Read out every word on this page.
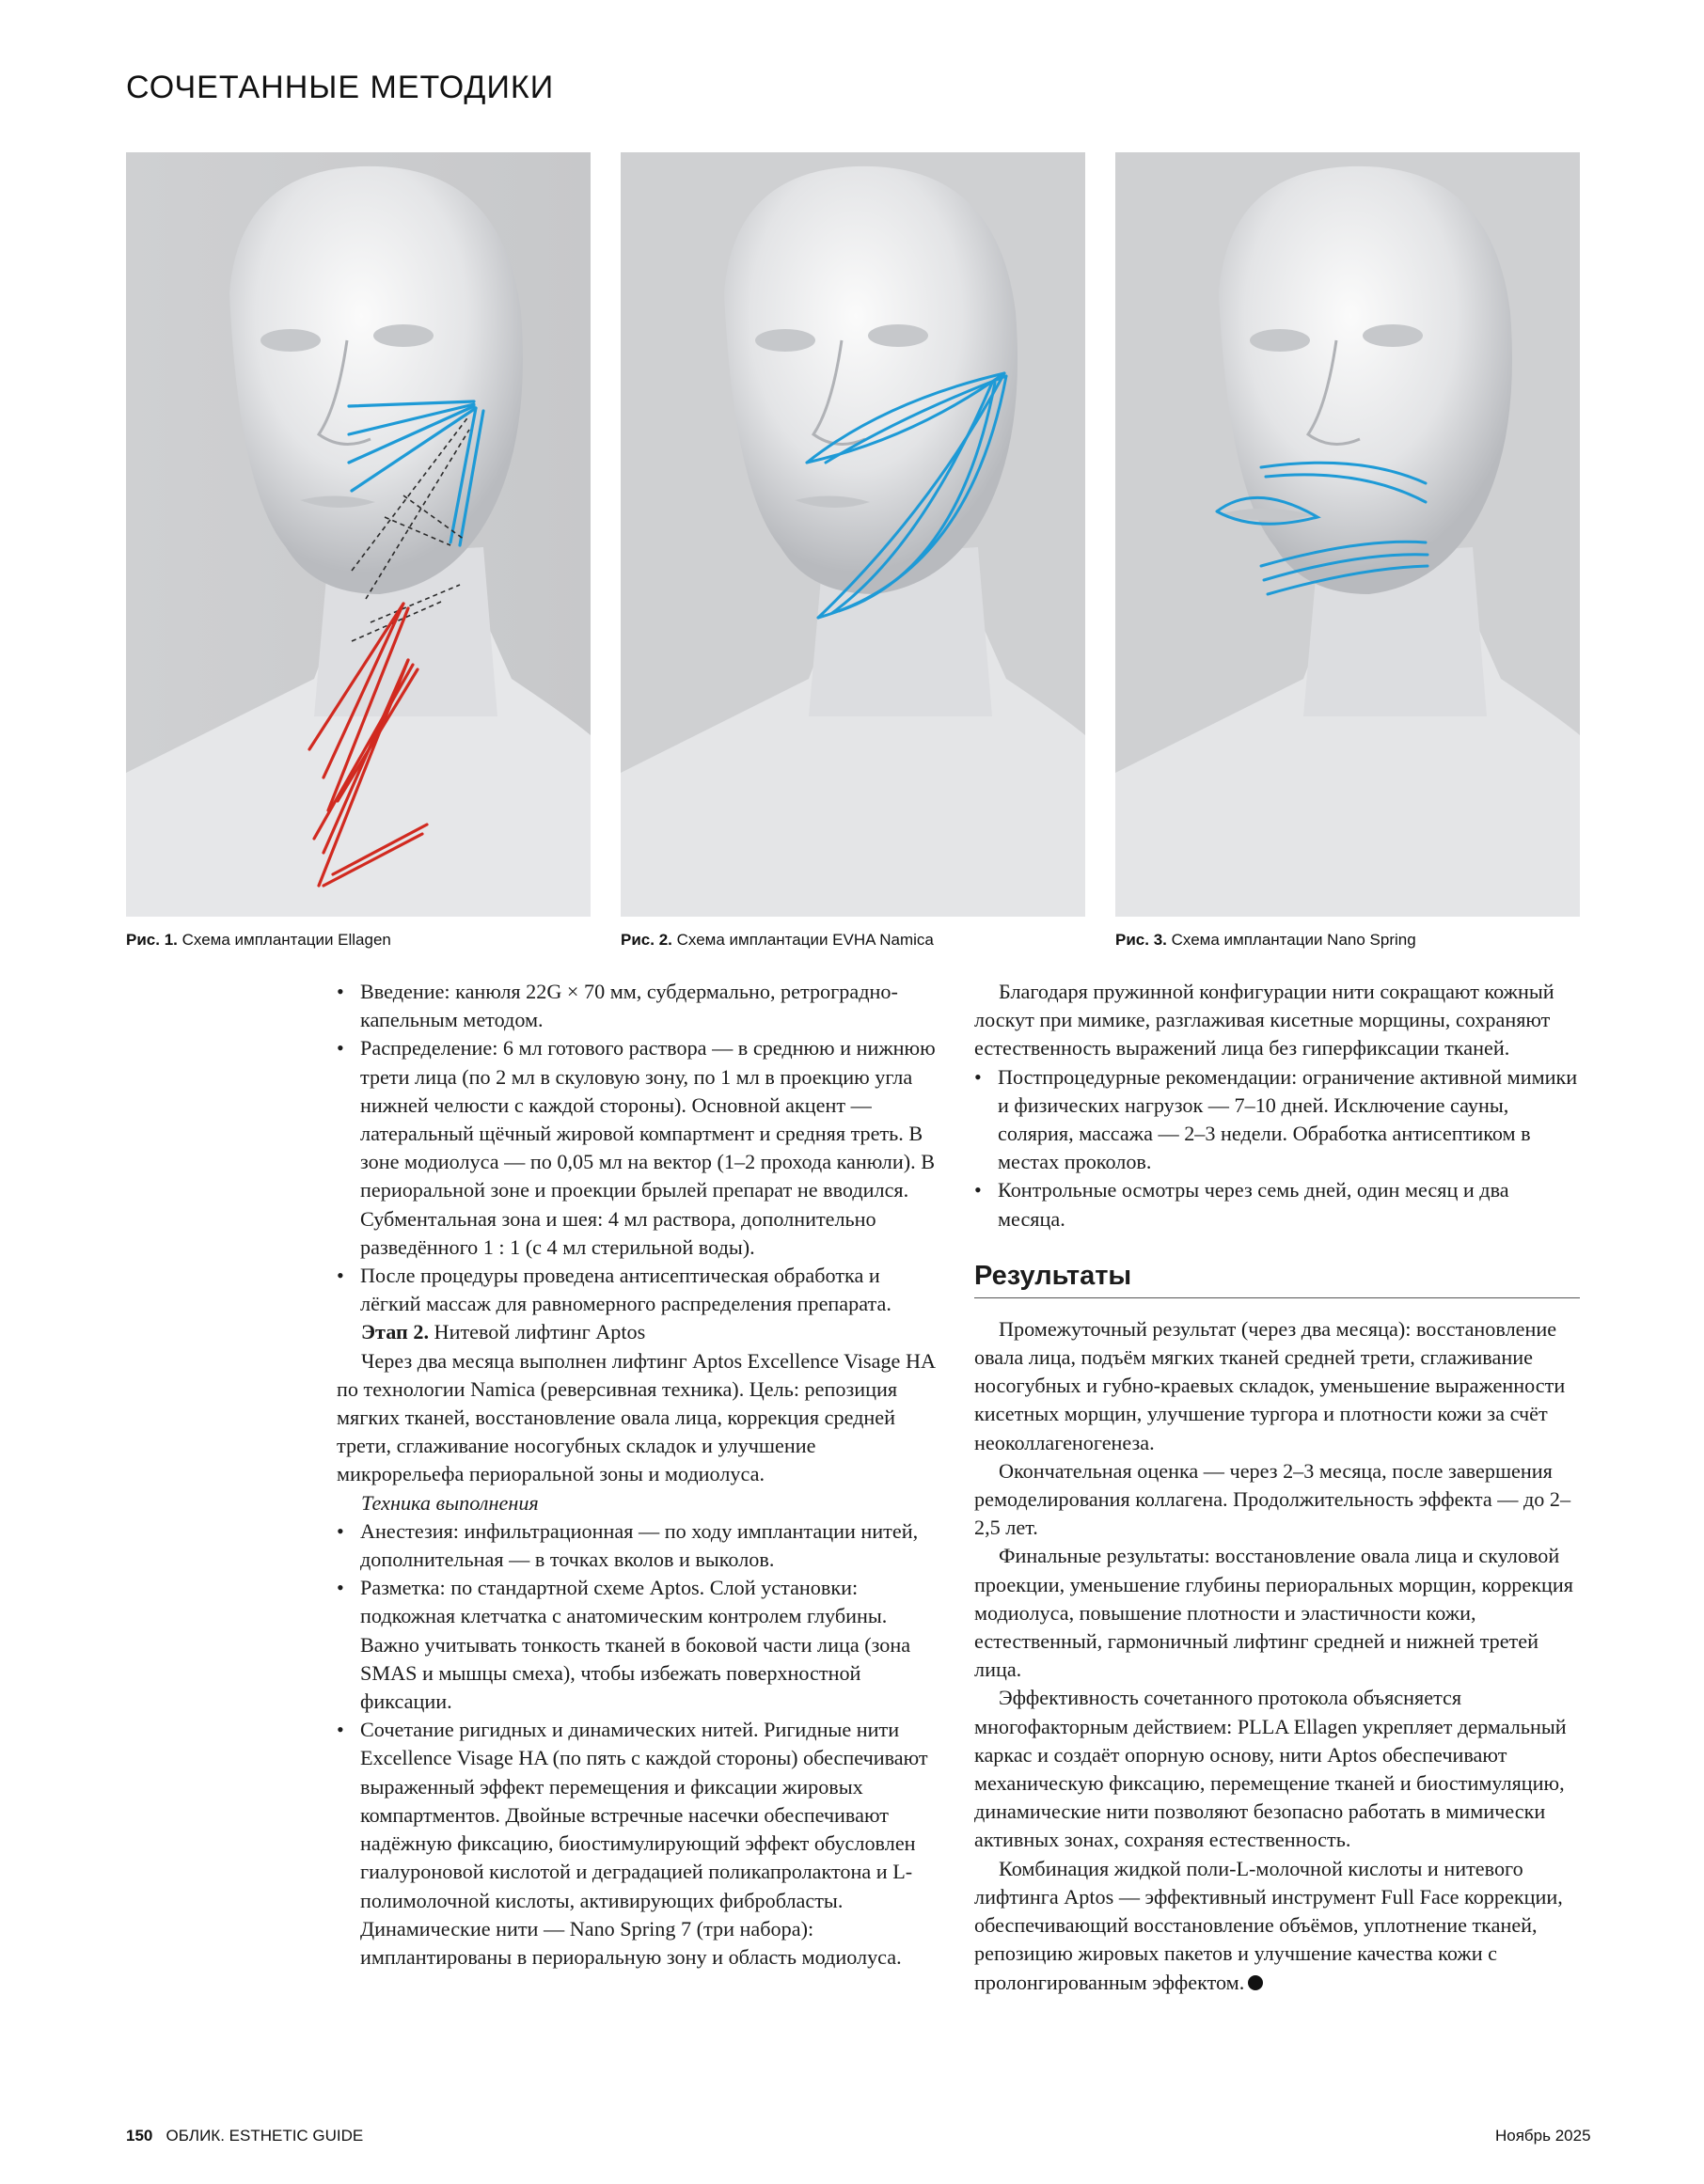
СОЧЕТАННЫЕ МЕТОДИКИ
Рис. 1. Схема имплантации Ellagen	Рис. 2. Схема имплантации EVHA Namica	Рис. 3. Схема имплантации Nano Spring
• Введение: канюля 22G × 70 мм, субдермально, ретроградно-капельным методом.
• Распределение: 6 мл готового раствора — в среднюю и нижнюю трети лица (по 2 мл в скуловую зону, по 1 мл в проекцию угла нижней челюсти с каждой стороны). Основной акцент — латеральный щёчный жировой компартмент и средняя треть. В зоне модиолуса — по 0,05 мл на вектор (1–2 прохода канюли). В периоральной зоне и проекции брылей препарат не вводился. Субментальная зона и шея: 4 мл раствора, дополнительно разведённого 1 : 1 (с 4 мл стерильной воды).
• После процедуры проведена антисептическая обработка и лёгкий массаж для равномерного распределения препарата.

Этап 2. Нитевой лифтинг Aptos

Через два месяца выполнен лифтинг Aptos Excellence Visage HA по технологии Namica (реверсивная техника). Цель: репозиция мягких тканей, восстановление овала лица, коррекция средней трети, сглаживание носогубных складок и улучшение микрорельефа периоральной зоны и модиолуса.

Техника выполнения

• Анестезия: инфильтрационная — по ходу имплантации нитей, дополнительная — в точках вколов и выколов.
• Разметка: по стандартной схеме Aptos. Слой установки: подкожная клетчатка с анатомическим контролем глубины. Важно учитывать тонкость тканей в боковой части лица (зона SMAS и мышцы смеха), чтобы избежать поверхностной фиксации.
• Сочетание ригидных и динамических нитей. Ригидные нити Excellence Visage HA (по пять с каждой стороны) обеспечивают выраженный эффект перемещения и фиксации жировых компартментов. Двойные встречные насечки обеспечивают надёжную фиксацию, биостимулирующий эффект обусловлен гиалуроновой кислотой и деградацией поликапролактона и L-полимолочной кислоты, активирующих фибробласты. Динамические нити — Nano Spring 7 (три набора): имплантированы в периоральную зону и область модиолуса.

Благодаря пружинной конфигурации нити сокращают кожный лоскут при мимике, разглаживая кисетные морщины, сохраняют естественность выражений лица без гиперфиксации тканей.

• Постпроцедурные рекомендации: ограничение активной мимики и физических нагрузок — 7–10 дней. Исключение сауны, солярия, массажа — 2–3 недели. Обработка антисептиком в местах проколов.
• Контрольные осмотры через семь дней, один месяц и два месяца.
Результаты

Промежуточный результат (через два месяца): восстановление овала лица, подъём мягких тканей средней трети, сглаживание носогубных и губно-краевых складок, уменьшение выраженности кисетных морщин, улучшение тургора и плотности кожи за счёт неоколлагеногенеза.

Окончательная оценка — через 2–3 месяца, после завершения ремоделирования коллагена. Продолжительность эффекта — до 2–2,5 лет.

Финальные результаты: восстановление овала лица и скуловой проекции, уменьшение глубины периоральных морщин, коррекция модиолуса, повышение плотности и эластичности кожи, естественный, гармоничный лифтинг средней и нижней третей лица.

Эффективность сочетанного протокола объясняется многофакторным действием: PLLA Ellagen укрепляет дермальный каркас и создаёт опорную основу, нити Aptos обеспечивают механическую фиксацию, перемещение тканей и биостимуляцию, динамические нити позволяют безопасно работать в мимически активных зонах, сохраняя естественность.

Комбинация жидкой поли-L-молочной кислоты и нитевого лифтинга Aptos — эффективный инструмент Full Face коррекции, обеспечивающий восстановление объёмов, уплотнение тканей, репозицию жировых пакетов и улучшение качества кожи с пролонгированным эффектом.

150 ОБЛИК. ESTHETIC GUIDE	Ноябрь 2025
